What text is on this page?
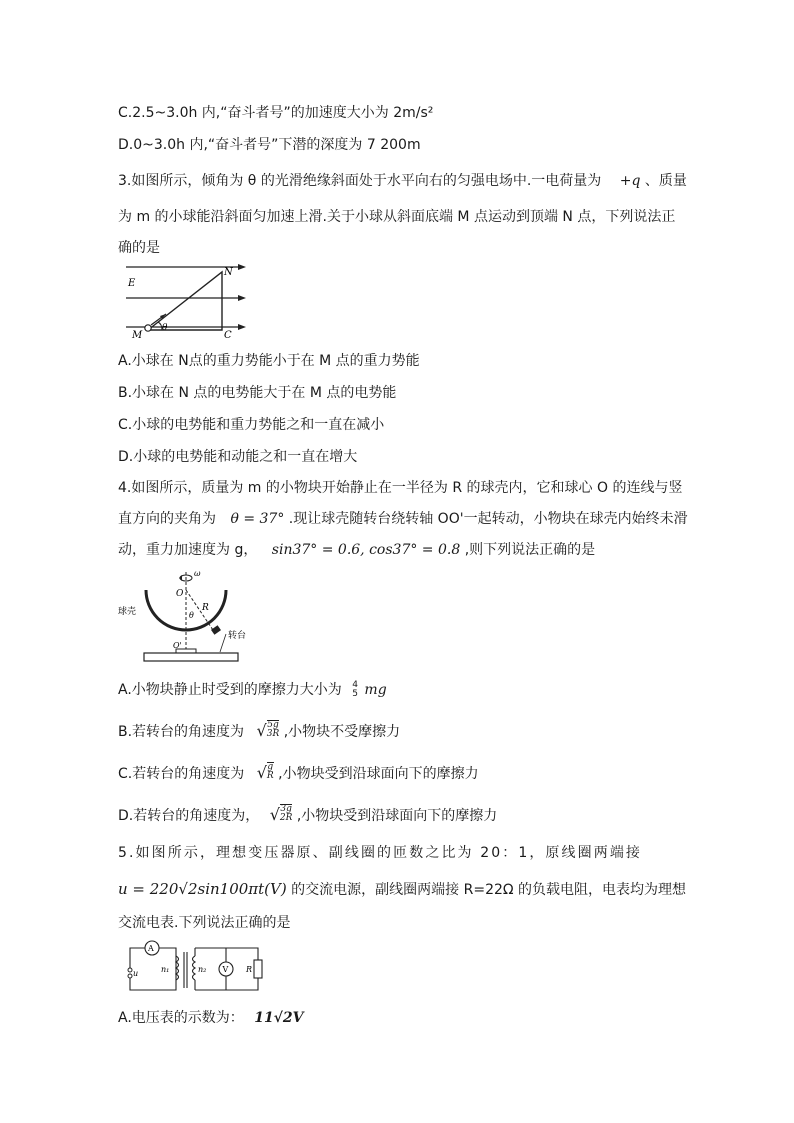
C.2.5~3.0h 内,“奋斗者号”的加速度大小为 2m/s²
D.0~3.0h 内,“奋斗者号”下潜的深度为 7 200m
3.如图所示，倾角为 θ 的光滑绝缘斜面处于水平向右的匀强电场中.一电荷量为 +q 、质量
为 m 的小球能沿斜面匀加速上滑.关于小球从斜面底端 M 点运动到顶端 N 点，下列说法正
确的是
E
N
M	C
θ
A.小球在 N点的重力势能小于在 M 点的重力势能
B.小球在 N 点的电势能大于在 M 点的电势能
C.小球的电势能和重力势能之和一直在减小
D.小球的电势能和动能之和一直在增大
4.如图所示，质量为 m 的小物块开始静止在一半径为 R 的球壳内，它和球心 O 的连线与竖
直方向的夹角为 θ = 37° .现让球壳随转台绕转轴 OO'一起转动，小物块在球壳内始终未滑
动，重力加速度为 g， sin37° = 0.6, cos37° = 0.8 ,则下列说法正确的是
ω
O
R
θ
O'
球壳
转台
A.小物块静止时受到的摩擦力大小为 4
5 mg
B.若转台的角速度为 √ 5g
3R ,小物块不受摩擦力
C.若转台的角速度为 √ g
R ,小物块受到沿球面向下的摩擦力
D.若转台的角速度为， √ 3g
2R ,小物块受到沿球面向下的摩擦力
5.如图所示，理想变压器原、副线圈的匝数之比为 20：1，原线圈两端接
u = 220√2sin100πt(V) 的交流电源，副线圈两端接 R=22Ω 的负载电阻，电表均为理想
交流电表.下列说法正确的是
A
V
u	n₁	n₂	R
A.电压表的示数为： 11√2V
